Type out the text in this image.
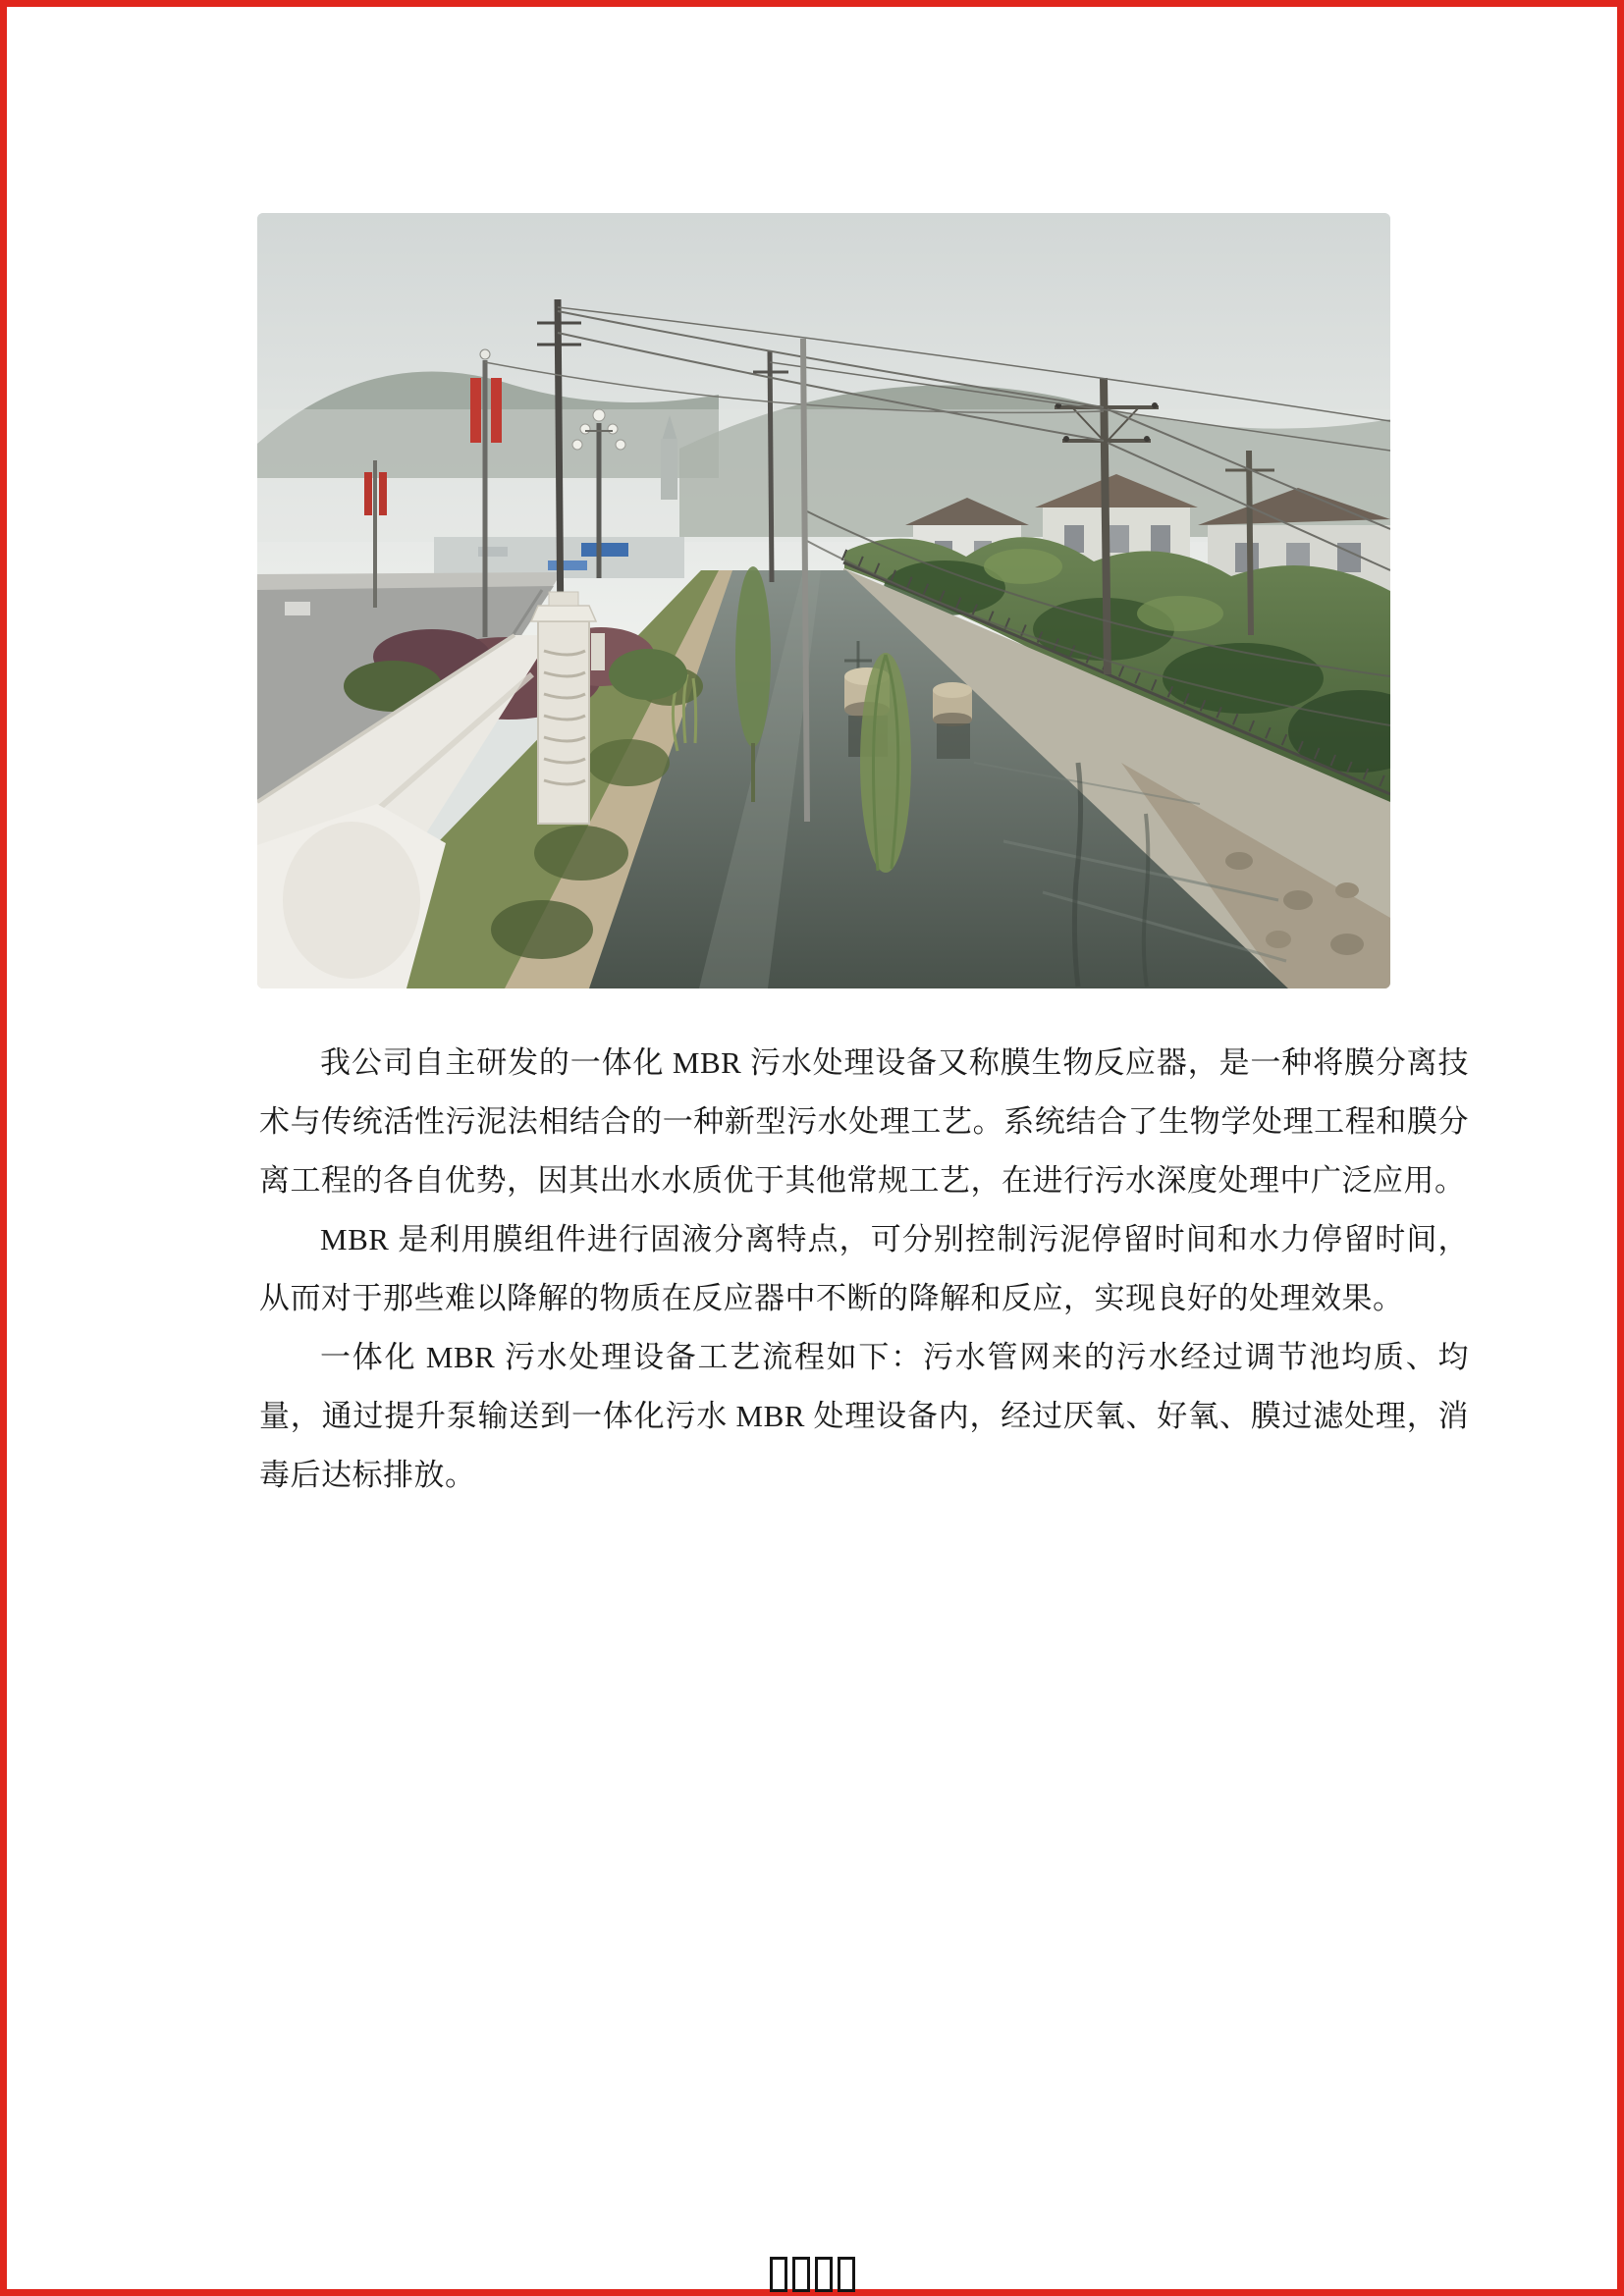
我公司自主研发的一体化 MBR 污水处理设备又称膜生物反应器，是一种将膜分离技术与传统活性污泥法相结合的一种新型污水处理工艺。系统结合了生物学处理工程和膜分离工程的各自优势，因其出水水质优于其他常规工艺，在进行污水深度处理中广泛应用。

MBR 是利用膜组件进行固液分离特点，可分别控制污泥停留时间和水力停留时间，从而对于那些难以降解的物质在反应器中不断的降解和反应，实现良好的处理效果。

一体化 MBR 污水处理设备工艺流程如下：污水管网来的污水经过调节池均质、均量，通过提升泵输送到一体化污水 MBR 处理设备内，经过厌氧、好氧、膜过滤处理，消毒后达标排放。
